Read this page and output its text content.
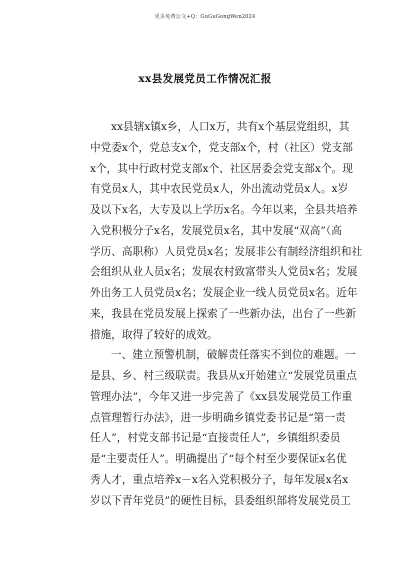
更多免费公文+Q：GuGuGongWen2024
xx县发展党员工作情况汇报
xx县辖x镇x乡，人口x万，共有x个基层党组织，其
中党委x个，党总支x个，党支部x个，村（社区）党支部
x个，其中行政村党支部x个、社区居委会党支部x个。现
有党员x人，其中农民党员x人，外出流动党员x人。x岁
及以下x名，大专及以上学历x名。今年以来，全县共培养
入党积极分子x名，发展党员x名，其中发展“双高”（高
学历、高职称）人员党员x名；发展非公有制经济组织和社
会组织从业人员x名；发展农村致富带头人党员x名；发展
外出务工人员党员x名；发展企业一线人员党员x名。近年
来，我县在党员发展上探索了一些新办法，出台了一些新
措施，取得了较好的成效。
一、建立预警机制，破解责任落实不到位的难题。一
是县、乡、村三级联责。我县从x开始建立“发展党员重点
管理办法”，今年又进一步完善了《xx县发展党员工作重
点管理暂行办法》，进一步明确乡镇党委书记是“第一责
任人”，村党支部书记是“直接责任人”，乡镇组织委员
是“主要责任人”。明确提出了“每个村至少要保证x名优
秀人才，重点培养x－x名入党积极分子，每年发展x名x
岁以下青年党员”的硬性目标，县委组织部将发展党员工
